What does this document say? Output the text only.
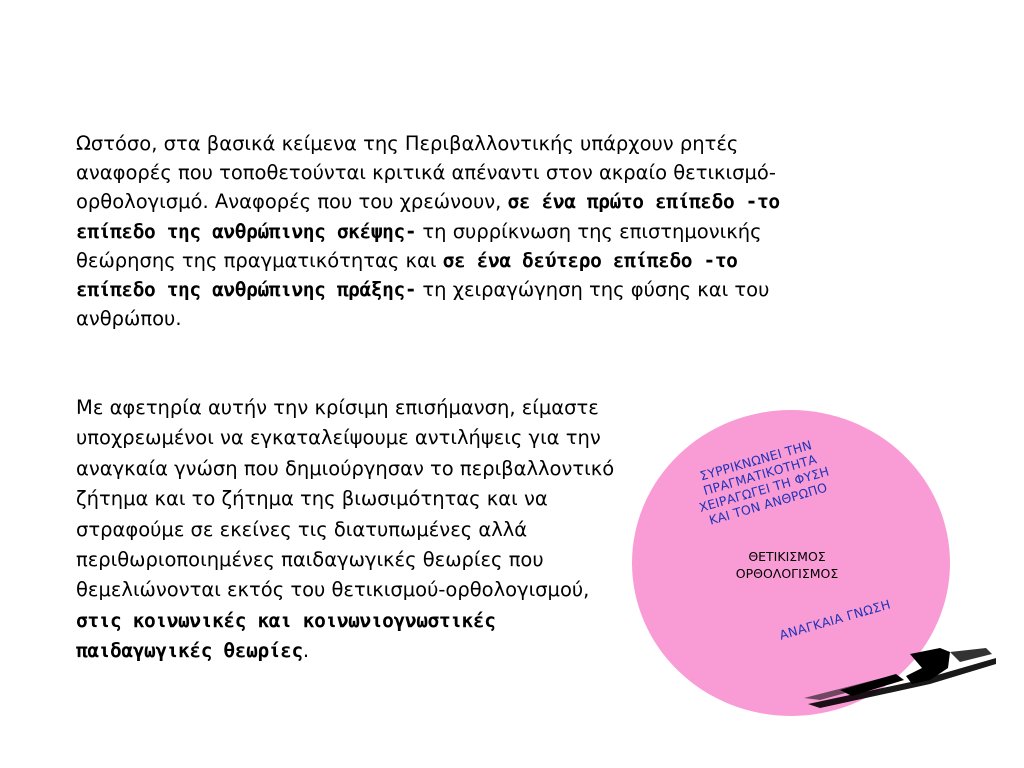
Ωστόσο, στα βασικά κείμενα της Περιβαλλοντικής υπάρχουν ρητές αναφορές που τοποθετούνται κριτικά απέναντι στον ακραίο θετικισμό-ορθολογισμό. Αναφορές που του χρεώνουν, σε ένα πρώτο επίπεδο -το επίπεδο της ανθρώπινης σκέψης- τη συρρίκνωση της επιστημονικής θεώρησης της πραγματικότητας και σε ένα δεύτερο επίπεδο -το επίπεδο της ανθρώπινης πράξης- τη χειραγώγηση της φύσης και του ανθρώπου.

Με αφετηρία αυτήν την κρίσιμη επισήμανση, είμαστε υποχρεωμένοι να εγκαταλείψουμε αντιλήψεις για την αναγκαία γνώση που δημιούργησαν το περιβαλλοντικό ζήτημα και το ζήτημα της βιωσιμότητας και να στραφούμε σε εκείνες τις διατυπωμένες αλλά περιθωριοποιημένες παιδαγωγικές θεωρίες που θεμελιώνονται εκτός του θετικισμού-ορθολογισμού, στις κοινωνικές και κοινωνιογνωστικές παιδαγωγικές θεωρίες.

ΣΥΡΡΙΚΝΩΝΕΙ ΤΗΝ
ΠΡΑΓΜΑΤΙΚΟΤΗΤΑ
ΧΕΙΡΑΓΩΓΕΙ ΤΗ ΦΥΣΗ
ΚΑΙ ΤΟΝ ΑΝΘΡΩΠΟ
ΘΕΤΙΚΙΣΜΟΣ
ΟΡΘΟΛΟΓΙΣΜΟΣ
ΑΝΑΓΚΑΙΑ ΓΝΩΣΗ
